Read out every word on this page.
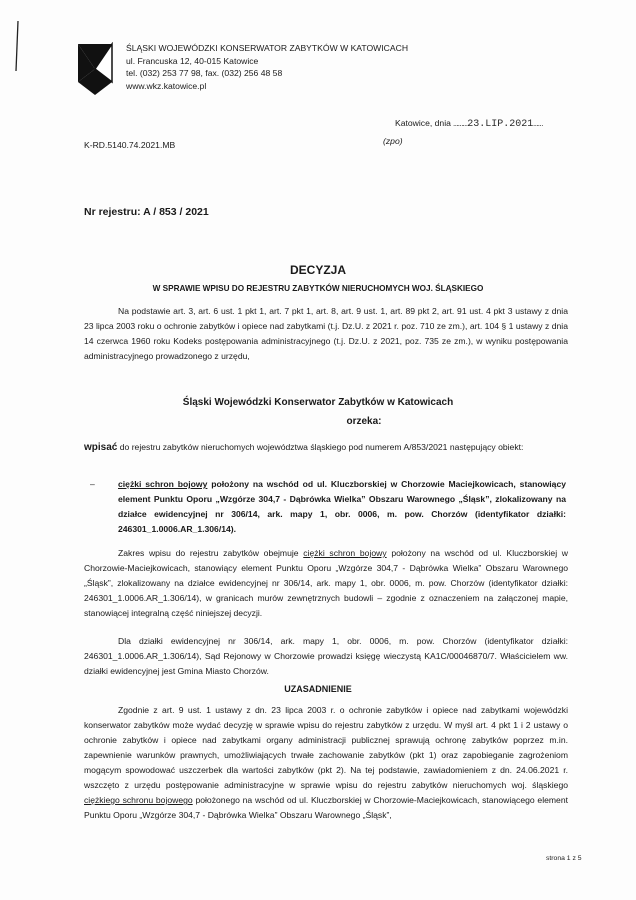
ŚLĄSKI WOJEWÓDZKI KONSERWATOR ZABYTKÓW W KATOWICACH
ul. Francuska 12, 40-015 Katowice
tel. (032) 253 77 98, fax. (032) 256 48 58
www.wkz.katowice.pl
Katowice, dnia ………23.LIP.2021……
(zpo)
K-RD.5140.74.2021.MB
Nr rejestru: A / 853 / 2021
DECYZJA
W SPRAWIE WPISU DO REJESTRU ZABYTKÓW NIERUCHOMYCH WOJ. ŚLĄSKIEGO
Na podstawie art. 3, art. 6 ust. 1 pkt 1, art. 7 pkt 1, art. 8, art. 9 ust. 1, art. 89 pkt 2, art. 91 ust. 4 pkt 3 ustawy z dnia 23 lipca 2003 roku o ochronie zabytków i opiece nad zabytkami (t.j. Dz.U. z 2021 r. poz. 710 ze zm.), art. 104 § 1 ustawy z dnia 14 czerwca 1960 roku Kodeks postępowania administracyjnego (t.j. Dz.U. z 2021, poz. 735 ze zm.), w wyniku postępowania administracyjnego prowadzonego z urzędu,
Śląski Wojewódzki Konserwator Zabytków w Katowicach
orzeka:
wpisać do rejestru zabytków nieruchomych województwa śląskiego pod numerem A/853/2021 następujący obiekt:
–	ciężki schron bojowy położony na wschód od ul. Kluczborskiej w Chorzowie Maciejkowicach, stanowiący element Punktu Oporu „Wzgórze 304,7 - Dąbrówka Wielka” Obszaru Warownego „Śląsk”, zlokalizowany na działce ewidencyjnej nr 306/14, ark. mapy 1, obr. 0006, m. pow. Chorzów (identyfikator działki: 246301_1.0006.AR_1.306/14).
Zakres wpisu do rejestru zabytków obejmuje ciężki schron bojowy położony na wschód od ul. Kluczborskiej w Chorzowie-Maciejkowicach, stanowiący element Punktu Oporu „Wzgórze 304,7 - Dąbrówka Wielka” Obszaru Warownego „Śląsk”, zlokalizowany na działce ewidencyjnej nr 306/14, ark. mapy 1, obr. 0006, m. pow. Chorzów (identyfikator działki: 246301_1.0006.AR_1.306/14), w granicach murów zewnętrznych budowli – zgodnie z oznaczeniem na załączonej mapie, stanowiącej integralną część niniejszej decyzji.
Dla działki ewidencyjnej nr 306/14, ark. mapy 1, obr. 0006, m. pow. Chorzów (identyfikator działki: 246301_1.0006.AR_1.306/14), Sąd Rejonowy w Chorzowie prowadzi księgę wieczystą KA1C/00046870/7. Właścicielem ww. działki ewidencyjnej jest Gmina Miasto Chorzów.
UZASADNIENIE
Zgodnie z art. 9 ust. 1 ustawy z dn. 23 lipca 2003 r. o ochronie zabytków i opiece nad zabytkami wojewódzki konserwator zabytków może wydać decyzję w sprawie wpisu do rejestru zabytków z urzędu. W myśl art. 4 pkt 1 i 2 ustawy o ochronie zabytków i opiece nad zabytkami organy administracji publicznej sprawują ochronę zabytków poprzez m.in. zapewnienie warunków prawnych, umożliwiających trwałe zachowanie zabytków (pkt 1) oraz zapobieganie zagrożeniom mogącym spowodować uszczerbek dla wartości zabytków (pkt 2). Na tej podstawie, zawiadomieniem z dn. 24.06.2021 r. wszczęto z urzędu postępowanie administracyjne w sprawie wpisu do rejestru zabytków nieruchomych woj. śląskiego ciężkiego schronu bojowego położonego na wschód od ul. Kluczborskiej w Chorzowie-Maciejkowicach, stanowiącego element Punktu Oporu „Wzgórze 304,7 - Dąbrówka Wielka” Obszaru Warownego „Śląsk”,
strona 1 z 5
